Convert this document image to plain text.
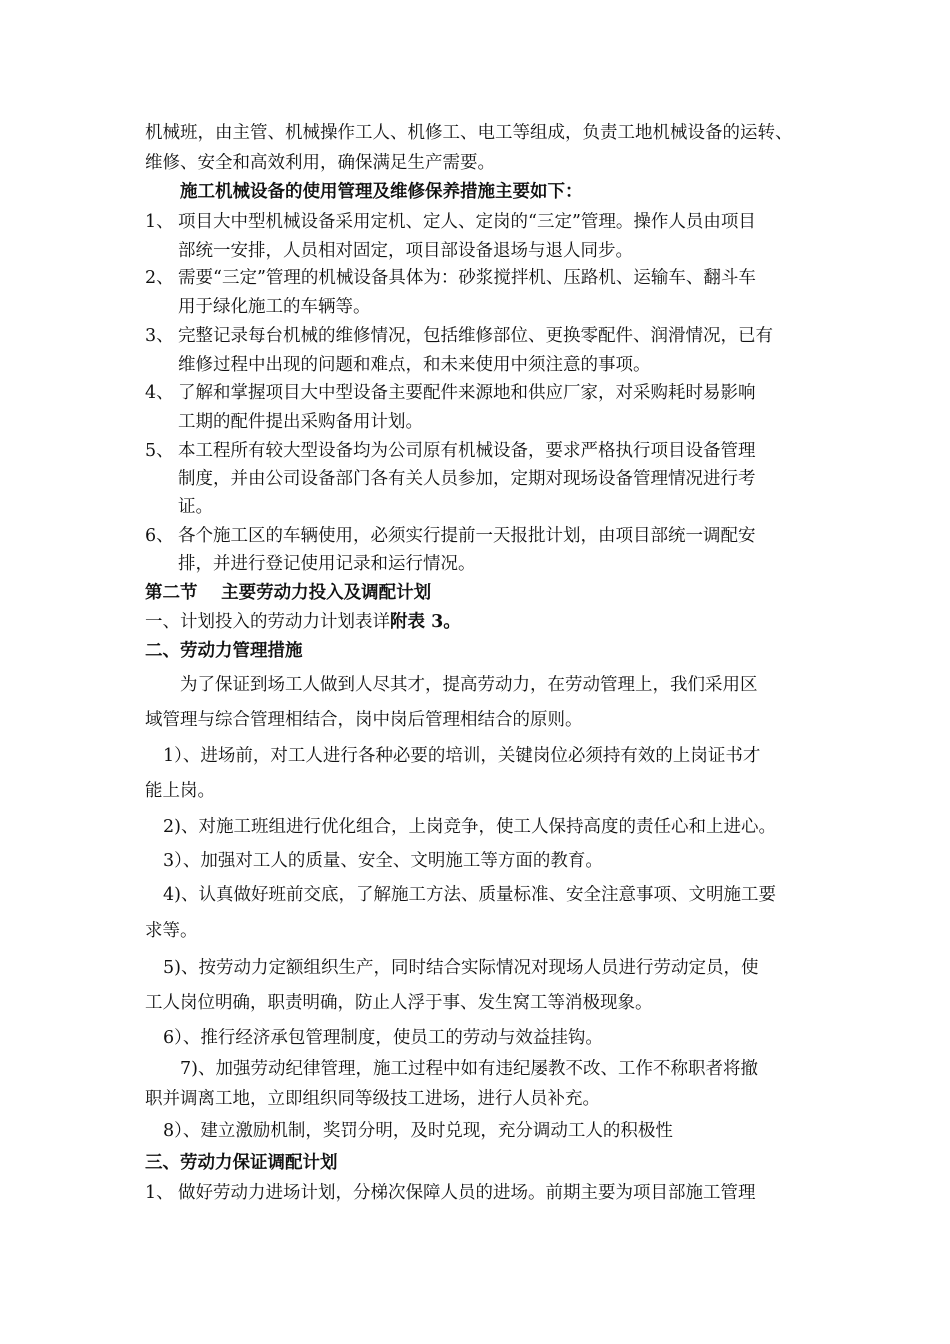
机械班，由主管、机械操作工人、机修工、电工等组成，负责工地机械设备的运转、
维修、安全和高效利用，确保满足生产需要。
施工机械设备的使用管理及维修保养措施主要如下：
1、 项目大中型机械设备采用定机、定人、定岗的“三定”管理。操作人员由项目
部统一安排，人员相对固定，项目部设备退场与退人同步。
2、 需要“三定”管理的机械设备具体为：砂浆搅拌机、压路机、运输车、翻斗车
用于绿化施工的车辆等。
3、 完整记录每台机械的维修情况，包括维修部位、更换零配件、润滑情况，已有
维修过程中出现的问题和难点，和未来使用中须注意的事项。
4、 了解和掌握项目大中型设备主要配件来源地和供应厂家，对采购耗时易影响
工期的配件提出采购备用计划。
5、 本工程所有较大型设备均为公司原有机械设备，要求严格执行项目设备管理
制度，并由公司设备部门各有关人员参加，定期对现场设备管理情况进行考
证。
6、 各个施工区的车辆使用，必须实行提前一天报批计划，由项目部统一调配安
排，并进行登记使用记录和运行情况。
第二节　 主要劳动力投入及调配计划
一、计划投入的劳动力计划表详附表 3。
二、劳动力管理措施
为了保证到场工人做到人尽其才，提高劳动力，在劳动管理上，我们采用区
域管理与综合管理相结合，岗中岗后管理相结合的原则。
1）、进场前，对工人进行各种必要的培训，关键岗位必须持有效的上岗证书才
能上岗。
2)、对施工班组进行优化组合，上岗竞争，使工人保持高度的责任心和上进心。
3）、加强对工人的质量、安全、文明施工等方面的教育。
4)、认真做好班前交底，了解施工方法、质量标准、安全注意事项、文明施工要
求等。
5)、按劳动力定额组织生产，同时结合实际情况对现场人员进行劳动定员，使
工人岗位明确，职责明确，防止人浮于事、发生窝工等消极现象。
6）、推行经济承包管理制度，使员工的劳动与效益挂钩。
7)、加强劳动纪律管理，施工过程中如有违纪屡教不改、工作不称职者将撤
职并调离工地，立即组织同等级技工进场，进行人员补充。
8）、建立激励机制，奖罚分明，及时兑现，充分调动工人的积极性
三、劳动力保证调配计划
1、 做好劳动力进场计划，分梯次保障人员的进场。前期主要为项目部施工管理
